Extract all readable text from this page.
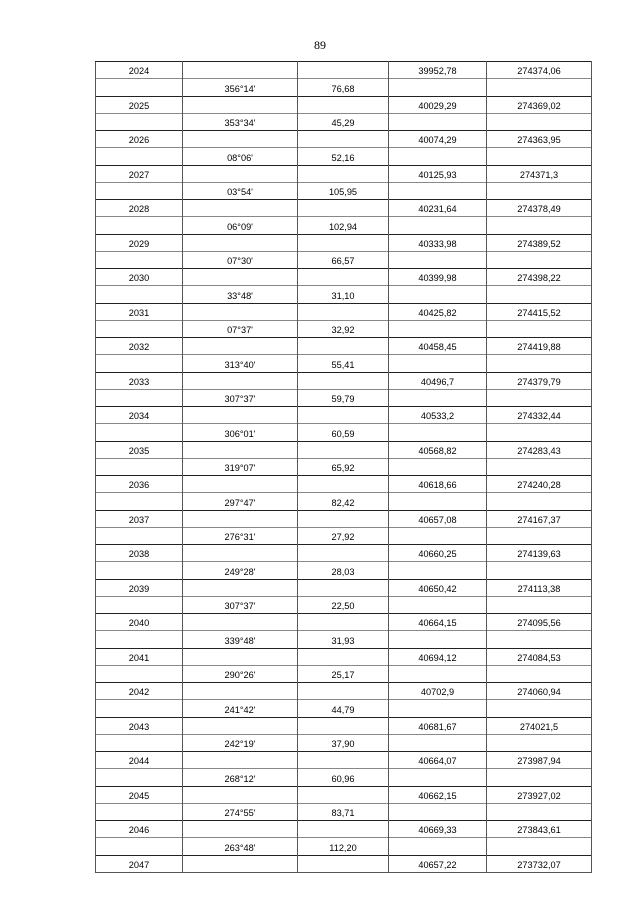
89
2024			39952,78	274374,06
	356°14'	76,68		
2025			40029,29	274369,02
	353°34'	45,29		
2026			40074,29	274363,95
	08°06'	52,16		
2027			40125,93	274371,3
	03°54'	105,95		
2028			40231,64	274378,49
	06°09'	102,94		
2029			40333,98	274389,52
	07°30'	66,57		
2030			40399,98	274398,22
	33°48'	31,10		
2031			40425,82	274415,52
	07°37'	32,92		
2032			40458,45	274419,88
	313°40'	55,41		
2033			40496,7	274379,79
	307°37'	59,79		
2034			40533,2	274332,44
	306°01'	60,59		
2035			40568,82	274283,43
	319°07'	65,92		
2036			40618,66	274240,28
	297°47'	82,42		
2037			40657,08	274167,37
	276°31'	27,92		
2038			40660,25	274139,63
	249°28'	28,03		
2039			40650,42	274113,38
	307°37'	22,50		
2040			40664,15	274095,56
	339°48'	31,93		
2041			40694,12	274084,53
	290°26'	25,17		
2042			40702,9	274060,94
	241°42'	44,79		
2043			40681,67	274021,5
	242°19'	37,90		
2044			40664,07	273987,94
	268°12'	60,96		
2045			40662,15	273927,02
	274°55'	83,71		
2046			40669,33	273843,61
	263°48'	112,20		
2047			40657,22	273732,07
